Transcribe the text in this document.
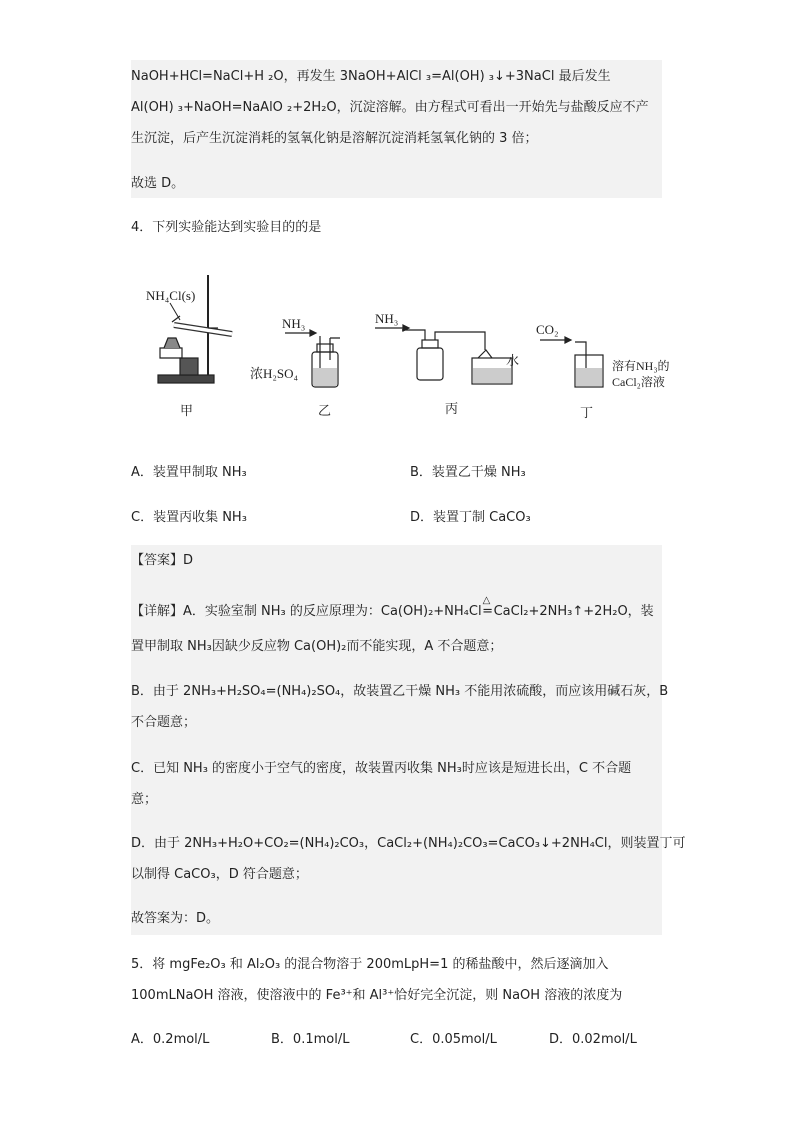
NaOH+HCl=NaCl+H ₂O，再发生 3NaOH+AlCl ₃=Al(OH) ₃↓+3NaCl 最后发生
Al(OH) ₃+NaOH=NaAlO ₂+2H₂O，沉淀溶解。由方程式可看出一开始先与盐酸反应不产
生沉淀，后产生沉淀消耗的氢氧化钠是溶解沉淀消耗氢氧化钠的 3 倍；
故选 D。
4．下列实验能达到实验目的的是
NH₄Cl(s)
NH₃
浓H₂SO₄
NH₃
水
CO₂
溶有NH₃的
CaCl₂溶液
甲	乙	丙	丁
A．装置甲制取 NH₃	B．装置乙干燥 NH₃
C．装置丙收集 NH₃	D．装置丁制 CaCO₃
【答案】D
【详解】A．实验室制 NH₃ 的反应原理为：Ca(OH)₂+NH₄Cl
△
=CaCl₂+2NH₃↑+2H₂O，装
置甲制取 NH₃因缺少反应物 Ca(OH)₂而不能实现，A 不合题意；
B．由于 2NH₃+H₂SO₄=(NH₄)₂SO₄，故装置乙干燥 NH₃ 不能用浓硫酸，而应该用碱石灰，B
不合题意；
C．已知 NH₃ 的密度小于空气的密度，故装置丙收集 NH₃时应该是短进长出，C 不合题
意；
D．由于 2NH₃+H₂O+CO₂=(NH₄)₂CO₃，CaCl₂+(NH₄)₂CO₃=CaCO₃↓+2NH₄Cl，则装置丁可
以制得 CaCO₃，D 符合题意；
故答案为：D。
5．将 mgFe₂O₃ 和 Al₂O₃ 的混合物溶于 200mLpH=1 的稀盐酸中，然后逐滴加入
100mLNaOH 溶液，使溶液中的 Fe³⁺和 Al³⁺恰好完全沉淀，则 NaOH 溶液的浓度为
A．0.2mol/L	B．0.1mol/L	C．0.05mol/L	D．0.02mol/L
